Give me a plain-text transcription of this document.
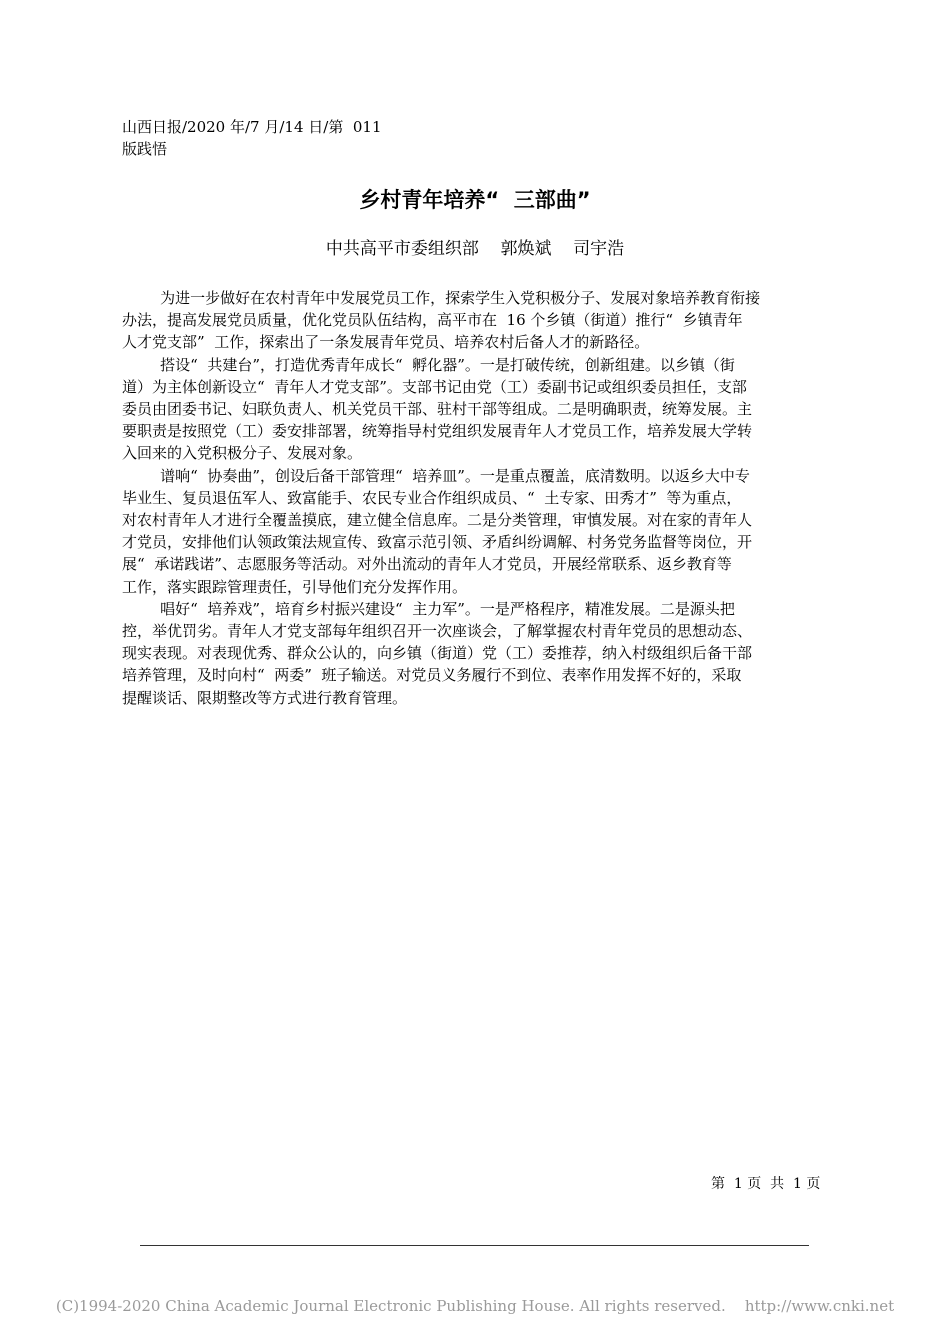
山西日报/2020 年/7 月/14 日/第  011
版践悟
乡村青年培养“  三部曲”
中共高平市委组织部    郭焕斌    司宇浩

为进一步做好在农村青年中发展党员工作，探索学生入党积极分子、发展对象培养教育衔接
办法，提高发展党员质量，优化党员队伍结构，高平市在  16 个乡镇（街道）推行“  乡镇青年
人才党支部”  工作，探索出了一条发展青年党员、培养农村后备人才的新路径。

搭设“  共建台”，打造优秀青年成长“  孵化器”。一是打破传统，创新组建。以乡镇（街
道）为主体创新设立“  青年人才党支部”。支部书记由党（工）委副书记或组织委员担任，支部
委员由团委书记、妇联负责人、机关党员干部、驻村干部等组成。二是明确职责，统筹发展。主
要职责是按照党（工）委安排部署，统筹指导村党组织发展青年人才党员工作，培养发展大学转
入回来的入党积极分子、发展对象。

谱响“  协奏曲”，创设后备干部管理“  培养皿”。一是重点覆盖，底清数明。以返乡大中专
毕业生、复员退伍军人、致富能手、农民专业合作组织成员、“  土专家、田秀才”  等为重点，
对农村青年人才进行全覆盖摸底，建立健全信息库。二是分类管理，审慎发展。对在家的青年人
才党员，安排他们认领政策法规宣传、致富示范引领、矛盾纠纷调解、村务党务监督等岗位，开
展“  承诺践诺”、志愿服务等活动。对外出流动的青年人才党员，开展经常联系、返乡教育等
工作，落实跟踪管理责任，引导他们充分发挥作用。

唱好“  培养戏”，培育乡村振兴建设“  主力军”。一是严格程序，精准发展。二是源头把
控，举优罚劣。青年人才党支部每年组织召开一次座谈会，了解掌握农村青年党员的思想动态、
现实表现。对表现优秀、群众公认的，向乡镇（街道）党（工）委推荐，纳入村级组织后备干部
培养管理，及时向村“  两委”  班子输送。对党员义务履行不到位、表率作用发挥不好的，采取
提醒谈话、限期整改等方式进行教育管理。

第  1 页  共  1 页
(C)1994-2020 China Academic Journal Electronic Publishing House. All rights reserved.    http://www.cnki.net
